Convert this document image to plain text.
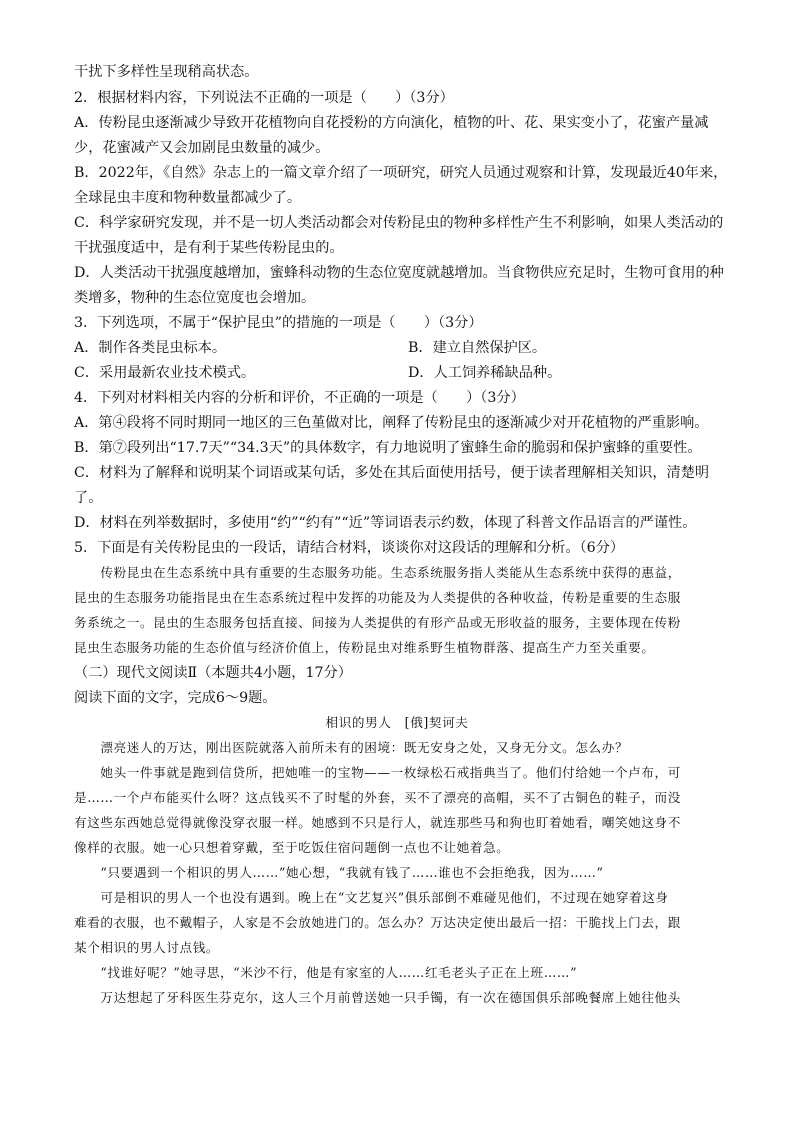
干扰下多样性呈现稍高状态。
2．根据材料内容，下列说法不正确的一项是（　　）（3分）
A．传粉昆虫逐渐减少导致开花植物向自花授粉的方向演化，植物的叶、花、果实变小了，花蜜产量减
少，花蜜减产又会加剧昆虫数量的减少。
B．2022年，《自然》杂志上的一篇文章介绍了一项研究，研究人员通过观察和计算，发现最近40年来，
全球昆虫丰度和物种数量都减少了。
C．科学家研究发现，并不是一切人类活动都会对传粉昆虫的物种多样性产生不利影响，如果人类活动的
干扰强度适中，是有利于某些传粉昆虫的。
D．人类活动干扰强度越增加，蜜蜂科动物的生态位宽度就越增加。当食物供应充足时，生物可食用的种
类增多，物种的生态位宽度也会增加。
3．下列选项，不属于“保护昆虫”的措施的一项是（　　）（3分）
A．制作各类昆虫标本。	B．建立自然保护区。
C．采用最新农业技术模式。	D．人工饲养稀缺品种。
4．下列对材料相关内容的分析和评价，不正确的一项是（　　）（3分）
A．第④段将不同时期同一地区的三色堇做对比，阐释了传粉昆虫的逐渐减少对开花植物的严重影响。
B．第⑦段列出“17.7天”“34.3天”的具体数字，有力地说明了蜜蜂生命的脆弱和保护蜜蜂的重要性。
C．材料为了解释和说明某个词语或某句话，多处在其后面使用括号，便于读者理解相关知识，清楚明
了。
D．材料在列举数据时，多使用“约”“约有”“近”等词语表示约数，体现了科普文作品语言的严谨性。
5．下面是有关传粉昆虫的一段话，请结合材料，谈谈你对这段话的理解和分析。（6分）
　　传粉昆虫在生态系统中具有重要的生态服务功能。生态系统服务指人类能从生态系统中获得的惠益，
昆虫的生态服务功能指昆虫在生态系统过程中发挥的功能及为人类提供的各种收益，传粉是重要的生态服
务系统之一。昆虫的生态服务包括直接、间接为人类提供的有形产品或无形收益的服务，主要体现在传粉
昆虫生态服务功能的生态价值与经济价值上，传粉昆虫对维系野生植物群落、提高生产力至关重要。
（二）现代文阅读Ⅱ（本题共4小题，17分）
阅读下面的文字，完成6～9题。
相识的男人　[俄]契诃夫
　　漂亮迷人的万达，刚出医院就落入前所未有的困境：既无安身之处，又身无分文。怎么办？
　　她头一件事就是跑到信贷所，把她唯一的宝物——一枚绿松石戒指典当了。他们付给她一个卢布，可
是……一个卢布能买什么呀？这点钱买不了时髦的外套，买不了漂亮的高帽，买不了古铜色的鞋子，而没
有这些东西她总觉得就像没穿衣服一样。她感到不只是行人，就连那些马和狗也盯着她看，嘲笑她这身不
像样的衣服。她一心只想着穿戴，至于吃饭住宿问题倒一点也不让她着急。
　　“只要遇到一个相识的男人……”她心想，“我就有钱了……谁也不会拒绝我，因为……”
　　可是相识的男人一个也没有遇到。晚上在“文艺复兴”俱乐部倒不难碰见他们，不过现在她穿着这身
难看的衣服，也不戴帽子，人家是不会放她进门的。怎么办？万达决定使出最后一招：干脆找上门去，跟
某个相识的男人讨点钱。
　　“找谁好呢？”她寻思，“米沙不行，他是有家室的人……红毛老头子正在上班……”
　　万达想起了牙科医生芬克尔，这人三个月前曾送她一只手镯，有一次在德国俱乐部晚餐席上她往他头
